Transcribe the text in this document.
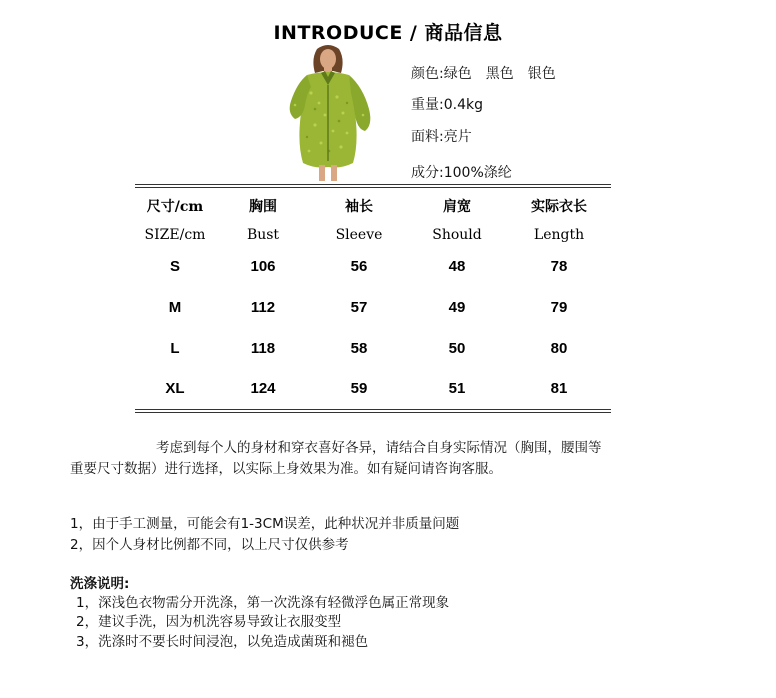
INTRODUCE / 商品信息
颜色:绿色　黑色　银色
重量:0.4kg
面料:亮片
成分:100%涤纶
尺寸/cm	胸围	袖长	肩宽	实际衣长
SIZE/cm	Bust	Sleeve	Should	Length
S	106	56	48	78
M	112	57	49	79
L	118	58	50	80
XL	124	59	51	81
考虑到每个人的身材和穿衣喜好各异，请结合自身实际情况（胸围，腰围等
重要尺寸数据）进行选择，以实际上身效果为准。如有疑问请咨询客服。
1，由于手工测量，可能会有1-3CM误差，此种状况并非质量问题
2，因个人身材比例都不同，以上尺寸仅供参考
洗涤说明:
1，深浅色衣物需分开洗涤，第一次洗涤有轻微浮色属正常现象
2，建议手洗，因为机洗容易导致让衣服变型
3，洗涤时不要长时间浸泡，以免造成菌斑和褪色
